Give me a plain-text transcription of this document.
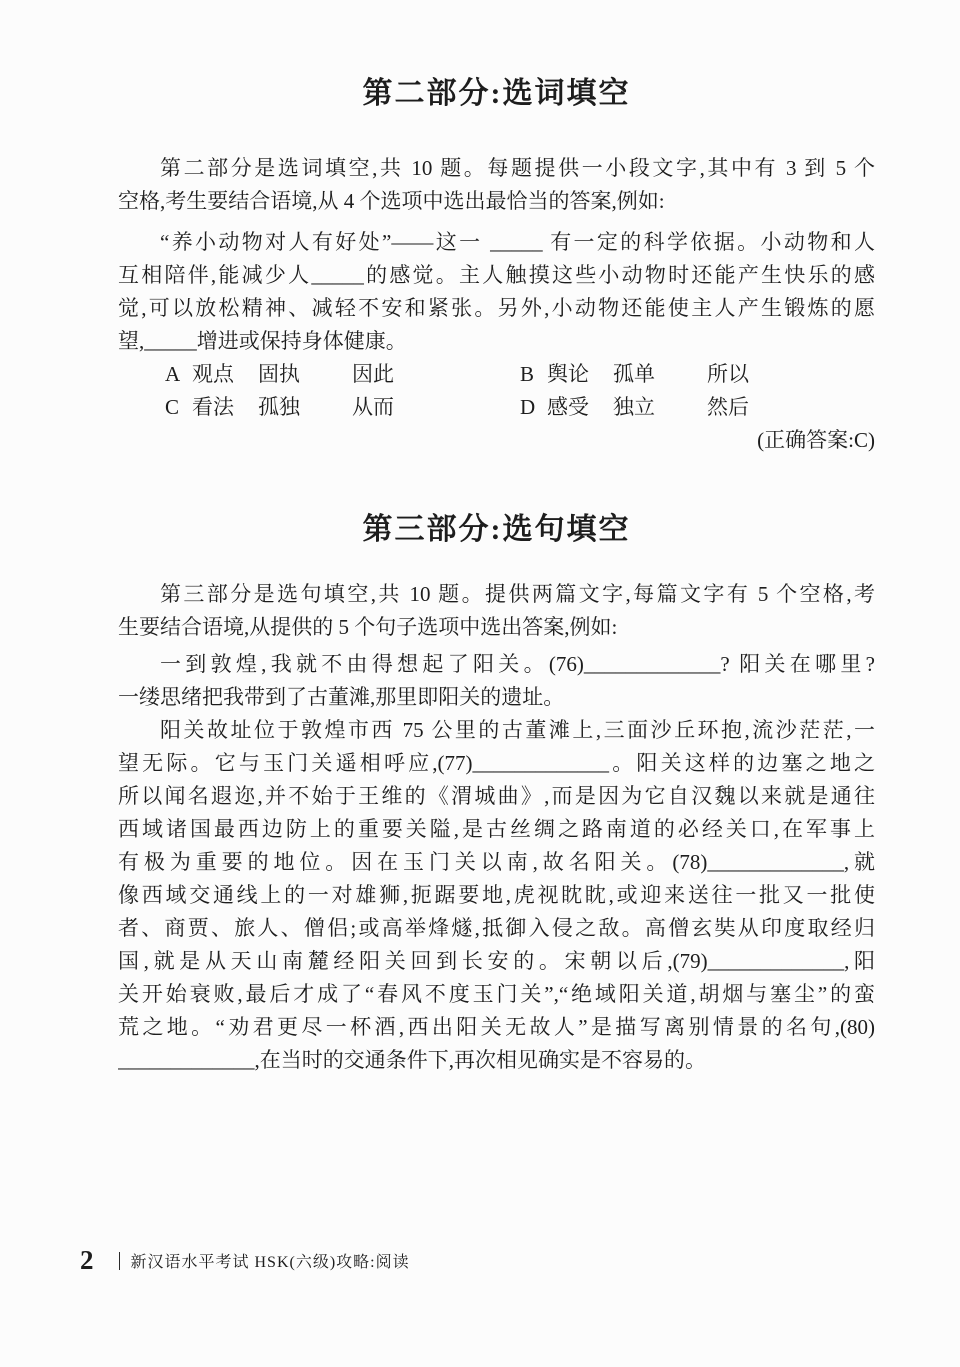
第二部分:选词填空
第二部分是选词填空,共 10 题。每题提供一小段文字,其中有 3 到 5 个
空格,考生要结合语境,从 4 个选项中选出最恰当的答案,例如:
“养小动物对人有好处”——这一 _____ 有一定的科学依据。小动物和人
互相陪伴,能减少人_____的感觉。主人触摸这些小动物时还能产生快乐的感
觉,可以放松精神、减轻不安和紧张。另外,小动物还能使主人产生锻炼的愿
望,_____增进或保持身体健康。
A 观点	固执	因此	B 舆论	孤单	所以
C 看法	孤独	从而	D 感受	独立	然后
(正确答案:C)
第三部分:选句填空
第三部分是选句填空,共 10 题。提供两篇文字,每篇文字有 5 个空格,考
生要结合语境,从提供的 5 个句子选项中选出答案,例如:
一到敦煌,我就不由得想起了阳关。(76)_____________? 阳关在哪里?
一缕思绪把我带到了古董滩,那里即阳关的遗址。
阳关故址位于敦煌市西 75 公里的古董滩上,三面沙丘环抱,流沙茫茫,一
望无际。它与玉门关遥相呼应,(77)_____________。阳关这样的边塞之地之
所以闻名遐迩,并不始于王维的《渭城曲》,而是因为它自汉魏以来就是通往
西域诸国最西边防上的重要关隘,是古丝绸之路南道的必经关口,在军事上
有极为重要的地位。因在玉门关以南,故名阳关。(78)_____________,就
像西域交通线上的一对雄狮,扼踞要地,虎视眈眈,或迎来送往一批又一批使
者、商贾、旅人、僧侣;或高举烽燧,抵御入侵之敌。高僧玄奘从印度取经归
国,就是从天山南麓经阳关回到长安的。宋朝以后,(79)_____________,阳
关开始衰败,最后才成了“春风不度玉门关”,“绝域阳关道,胡烟与塞尘”的蛮
荒之地。“劝君更尽一杯酒,西出阳关无故人”是描写离别情景的名句,(80)
_____________,在当时的交通条件下,再次相见确实是不容易的。
2 新汉语水平考试 HSK(六级)攻略:阅读
